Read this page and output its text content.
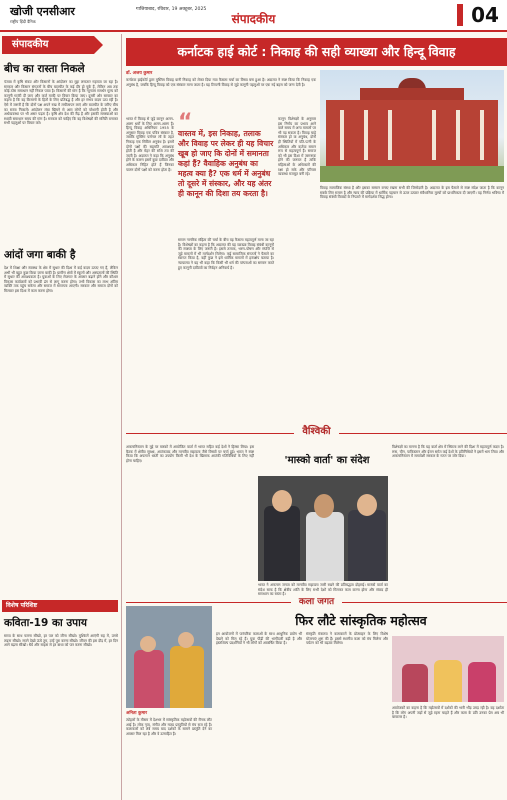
खोजी एनसीआर
राष्ट्रीय हिंदी दैनिक
गाजियाबाद, रविवार, 19 अक्टूबर, 2025
संपादकीय	04
संपादकीय
बीच का रास्ता निकले
पंजाब में कृषि संकट और किसानों के आंदोलन का मुद्दा लगातार गहराता जा रहा है। सरकार और किसान संगठनों के बीच बातचीत के कई दौर हो चुके हैं, लेकिन अब तक कोई ठोस समाधान नहीं निकल पाया है। किसानों की मांग है कि न्यूनतम समर्थन मूल्य को कानूनी गारंटी दी जाए और कर्ज माफी पर विचार किया जाए। दूसरी ओर सरकार का कहना है कि वह किसानों के हितों के लिए प्रतिबद्ध है और हर संभव कदम उठा रही है। ऐसे में जरूरी है कि दोनों पक्ष अपने रुख में लचीलापन लाएं और बातचीत के जरिए बीच का रास्ता निकालें। आंदोलन लंबा खिंचने से आम लोगों को परेशानी होती है और अर्थव्यवस्था पर भी असर पड़ता है। कृषि क्षेत्र देश की रीढ़ है और इसकी समस्याओं का स्थायी समाधान समय की मांग है। सरकार को चाहिए कि वह विशेषज्ञों की समिति बनाकर सभी पहलुओं पर विचार करे।
आंदों जगा बाकी है
देश में शिक्षा और स्वास्थ्य के क्षेत्र में सुधार की दिशा में कई कदम उठाए गए हैं, लेकिन अभी भी बहुत कुछ किया जाना बाकी है। ग्रामीण क्षेत्रों में स्कूलों और अस्पतालों की स्थिति में सुधार की आवश्यकता है। युवाओं के लिए रोजगार के अवसर बढ़ाने होंगे और कौशल विकास कार्यक्रमों को प्रभावी ढंग से लागू करना होगा। तभी विकास का लाभ अंतिम व्यक्ति तक पहुंच सकेगा और समाज में समानता आएगी। सरकार और समाज दोनों को मिलकर इस दिशा में काम करना होगा।
विशेष परिशिष्ट
कविता-19 का उपाय
समय के साथ चलना सीखो, हर पल को जीना सीखो। मुश्किलें आएंगी राह में, उनसे लड़ना सीखो। सपने देखो ऊंचे तुम, उन्हें पूरा करना सीखो। जीवन की इस दौड़ में, हर दिन आगे बढ़ना सीखो। धैर्य और साहस से हर बाधा को पार करना सीखो।
कर्नाटक हाई कोर्ट : निकाह की सही व्याख्या और हिन्दू विवाह
डॉ. अजय कुमार
कर्नाटक हाईकोर्ट द्वारा मुस्लिम विवाह यानी निकाह को लेकर दिया गया फैसला चर्चा का विषय बना हुआ है। अदालत ने स्पष्ट किया कि निकाह एक अनुबंध है, जबकि हिन्दू विवाह को एक संस्कार माना जाता है। यह टिप्पणी विवाह से जुड़े कानूनी पहलुओं पर एक नई बहस को जन्म देती है।
भारत में विवाह से जुड़े कानून अलग-अलग धर्मों के लिए अलग-अलग हैं। हिन्दू विवाह अधिनियम 1955 के अनुसार विवाह एक पवित्र संस्कार है, जबकि मुस्लिम पर्सनल लॉ के तहत निकाह एक सिविल अनुबंध है। इसमें दोनों पक्षों की सहमति आवश्यक होती है और मेहर की राशि तय की जाती है। अदालत ने कहा कि अनुबंध होने के कारण इसमें कुछ दायित्व और अधिकार निहित होते हैं जिनका पालन दोनों पक्षों को करना होता है।
“
वास्तव में, इस निकाह, तलाक और विवाह पर लेकर ही यह विचार खूब हो जाए कि दोनों में समानता कहां हैं? वैवाहिक अनुबंध का महत्व क्या है? एक धर्म में अनुबंध तो दूसरे में संस्कार, और यह अंतर ही कानून की दिशा तय करता है।
समान नागरिक संहिता की चर्चा के बीच यह फैसला महत्वपूर्ण माना जा रहा है। विशेषज्ञों का कहना है कि अदालत की यह व्याख्या विवाह संबंधी कानूनों की स्पष्टता के लिए जरूरी है। इससे तलाक, भरण-पोषण और संपत्ति से जुड़े मामलों में भी मार्गदर्शन मिलेगा। कई सामाजिक संगठनों ने फैसले का स्वागत किया है, वहीं कुछ ने इसे धार्मिक मामलों में हस्तक्षेप बताया है। न्यायालय ने यह भी कहा कि किसी भी धर्म की परंपराओं का सम्मान करते हुए कानूनी दायित्वों का निर्वहन अनिवार्य है।
कानून विशेषज्ञों के अनुसार इस निर्णय का प्रभाव आने वाले समय में अन्य मामलों पर भी पड़ सकता है। विवाह चाहे संस्कार हो या अनुबंध, दोनों ही स्थितियों में पति-पत्नी के अधिकार और कर्तव्य समान रूप से महत्वपूर्ण हैं। समाज को भी इस दिशा में जागरूक होने की जरूरत है ताकि महिलाओं के अधिकारों की रक्षा हो सके और परिवार व्यवस्था मजबूत बनी रहे।
विवाह सामाजिक संस्था है और इसका सम्मान बनाए रखना सभी की जिम्मेदारी है। अदालत के इस फैसले से स्पष्ट संदेश जाता है कि कानून सबके लिए समान है और न्याय की प्रक्रिया में धार्मिक पहचान से ऊपर उठकर संवैधानिक मूल्यों को प्राथमिकता दी जाएगी। यह निर्णय भविष्य में विवाह संबंधी विवादों के निपटारे में मार्गदर्शक सिद्ध होगा।
वैश्विकी
'मास्को वार्ता' का संदेश
अफगानिस्तान के मुद्दे पर मास्को में आयोजित वार्ता में भारत सहित कई देशों ने हिस्सा लिया। इस बैठक में क्षेत्रीय सुरक्षा, आतंकवाद और मानवीय सहायता जैसे विषयों पर चर्चा हुई। भारत ने स्पष्ट किया कि अफगान धरती का उपयोग किसी भी देश के खिलाफ आतंकी गतिविधियों के लिए नहीं होना चाहिए।
विशेषज्ञों का मानना है कि यह वार्ता क्षेत्र में स्थिरता लाने की दिशा में महत्वपूर्ण कदम है। रूस, चीन, पाकिस्तान और ईरान समेत कई देशों के प्रतिनिधियों ने इसमें भाग लिया और अफगानिस्तान में समावेशी सरकार के गठन पर जोर दिया।
भारत ने अफगान जनता को मानवीय सहायता जारी रखने की प्रतिबद्धता दोहराई। मास्को वार्ता का संदेश साफ है कि क्षेत्रीय शांति के लिए सभी देशों को मिलकर काम करना होगा और संवाद ही समाधान का रास्ता है।
कला जगत
फिर लौटे सांस्कृतिक महोत्सव
अनिता कुमार
त्योहारों के मौसम में देशभर में सांस्कृतिक महोत्सवों की रौनक लौट आई है। लोक नृत्य, संगीत और नाट्य प्रस्तुतियों से मंच सज रहे हैं। कलाकारों को लंबे समय बाद दर्शकों के सामने प्रस्तुति देने का अवसर मिल रहा है और वे उत्साहित हैं।
इन आयोजनों में पारंपरिक कलाओं के साथ आधुनिक प्रयोग भी देखने को मिल रहे हैं। युवा पीढ़ी की भागीदारी बढ़ी है और हस्तशिल्प प्रदर्शनियों ने भी लोगों को आकर्षित किया है।
संस्कृति मंत्रालय ने कलाकारों के प्रोत्साहन के लिए विशेष योजनाएं शुरू की हैं। इससे स्थानीय कला को मंच मिलेगा और पर्यटन को भी बढ़ावा मिलेगा।
आयोजकों का कहना है कि महोत्सवों में दर्शकों की भारी भीड़ उमड़ रही है। यह दर्शाता है कि लोग अपनी जड़ों से जुड़े रहना चाहते हैं और कला के प्रति उनका प्रेम अब भी बरकरार है।
